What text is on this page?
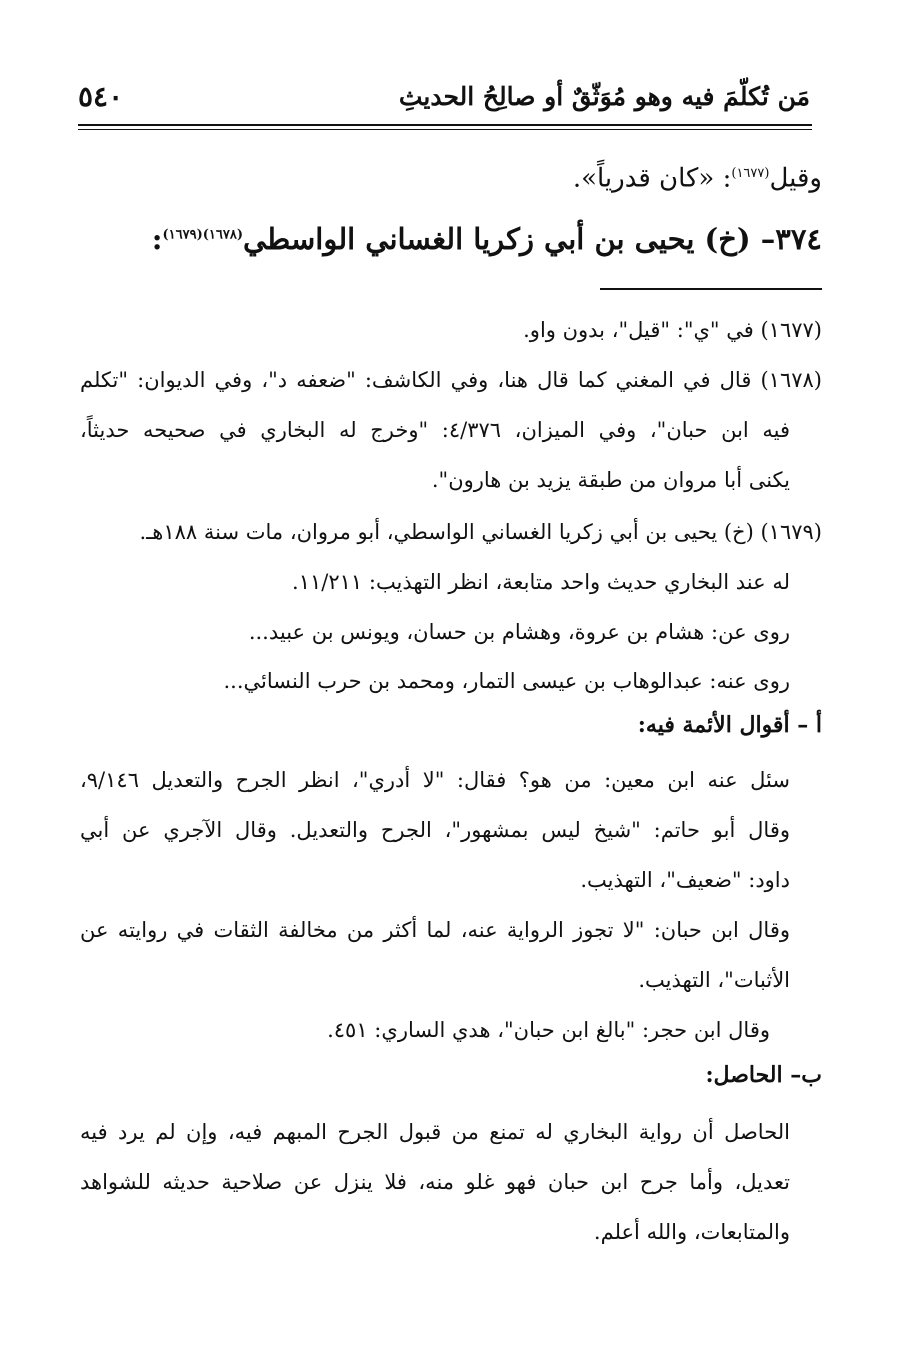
٥٤٠	مَن تُكلّمَ فيه وهو مُوَثّقٌ أو صالِحُ الحديثِ
وقيل$^{(١٦٧٧)}$: «كان قدرياً».
٣٧٤– (خ) يحيى بن أبي زكريا الغساني الواسطي$^{(١٦٧٨)(١٦٧٩)}$:
(١٦٧٧) في "ي": "قيل"، بدون واو.
(١٦٧٨) قال في المغني كما قال هنا، وفي الكاشف: "ضعفه د"، وفي الديوان: "تكلم
فيه ابن حبان"، وفي الميزان، ٤/٣٧٦: "وخرج له البخاري في صحيحه حديثاً،
يكنى أبا مروان من طبقة يزيد بن هارون".
(١٦٧٩) (خ) يحيى بن أبي زكريا الغساني الواسطي، أبو مروان، مات سنة ١٨٨هـ.
له عند البخاري حديث واحد متابعة، انظر التهذيب: ١١/٢١١.
روى عن: هشام بن عروة، وهشام بن حسان، ويونس بن عبيد...
روى عنه: عبدالوهاب بن عيسى التمار، ومحمد بن حرب النسائي...
أ – أقوال الأئمة فيه:
سئل عنه ابن معين: من هو؟ فقال: "لا أدري"، انظر الجرح والتعديل ٩/١٤٦،
وقال أبو حاتم: "شيخ ليس بمشهور"، الجرح والتعديل. وقال الآجري عن أبي
داود: "ضعيف"، التهذيب.
وقال ابن حبان: "لا تجوز الرواية عنه، لما أكثر من مخالفة الثقات في روايته عن
الأثبات"، التهذيب.
وقال ابن حجر: "بالغ ابن حبان"، هدي الساري: ٤٥١.
ب– الحاصل:
الحاصل أن رواية البخاري له تمنع من قبول الجرح المبهم فيه، وإن لم يرد فيه
تعديل، وأما جرح ابن حبان فهو غلو منه، فلا ينزل عن صلاحية حديثه للشواهد
والمتابعات، والله أعلم.
